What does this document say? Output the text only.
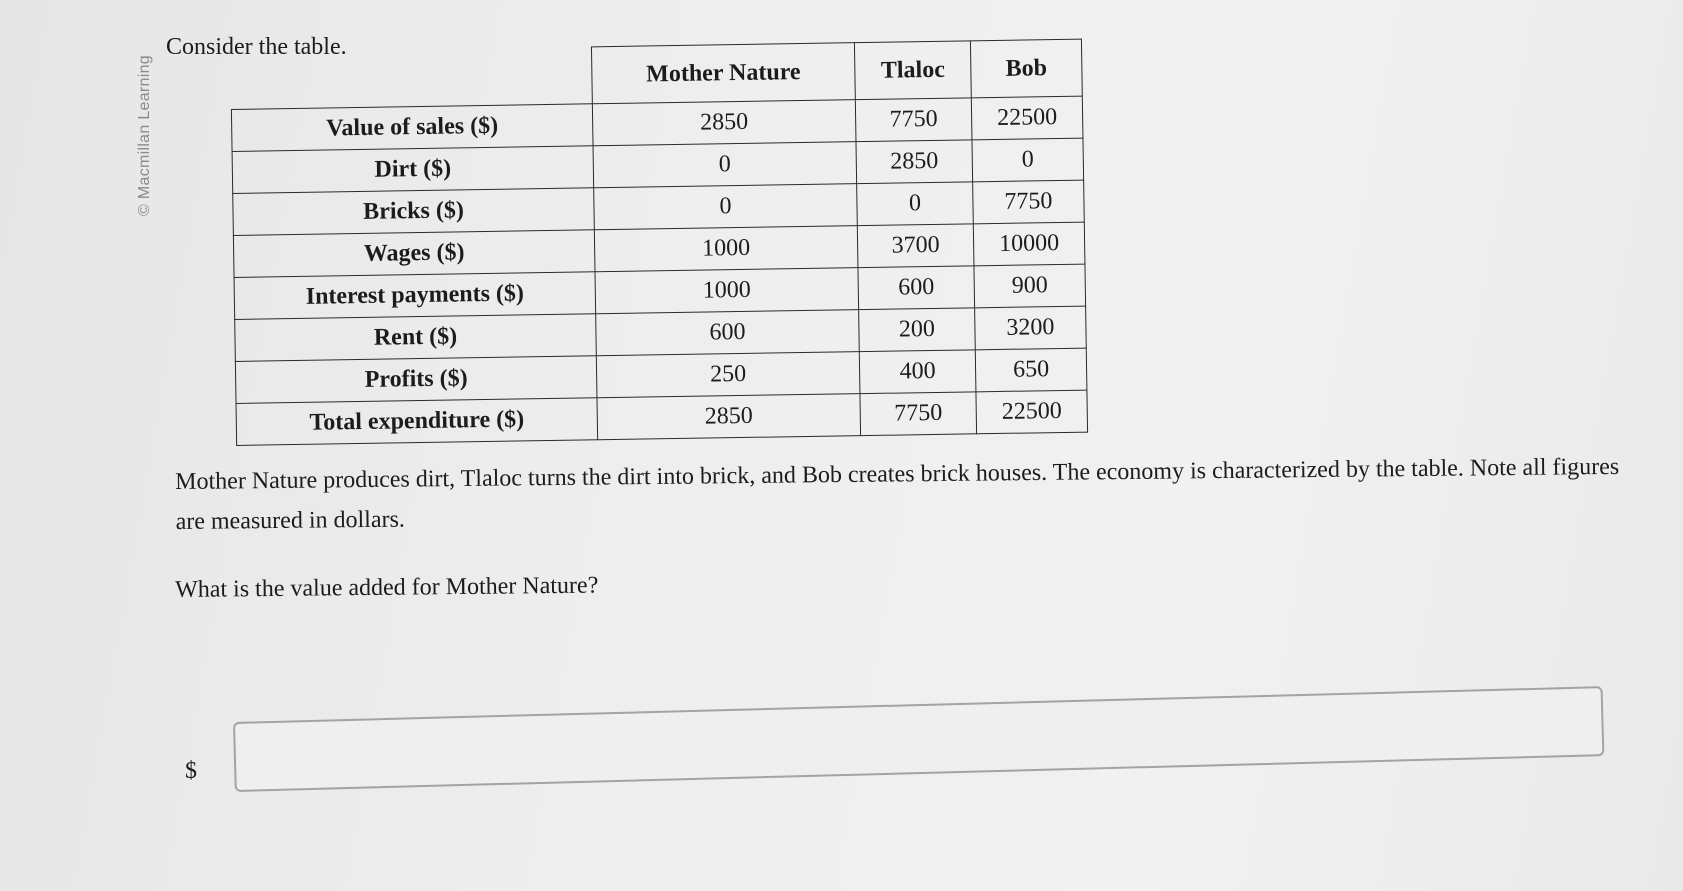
© Macmillan Learning

Consider the table.

	Mother Nature	Tlaloc	Bob
Value of sales ($)	2850	7750	22500
Dirt ($)	0	2850	0
Bricks ($)	0	0	7750
Wages ($)	1000	3700	10000
Interest payments ($)	1000	600	900
Rent ($)	600	200	3200
Profits ($)	250	400	650
Total expenditure ($)	2850	7750	22500

Mother Nature produces dirt, Tlaloc turns the dirt into brick, and Bob creates brick houses. The economy is characterized by the table. Note all figures are measured in dollars.

What is the value added for Mother Nature?

$
